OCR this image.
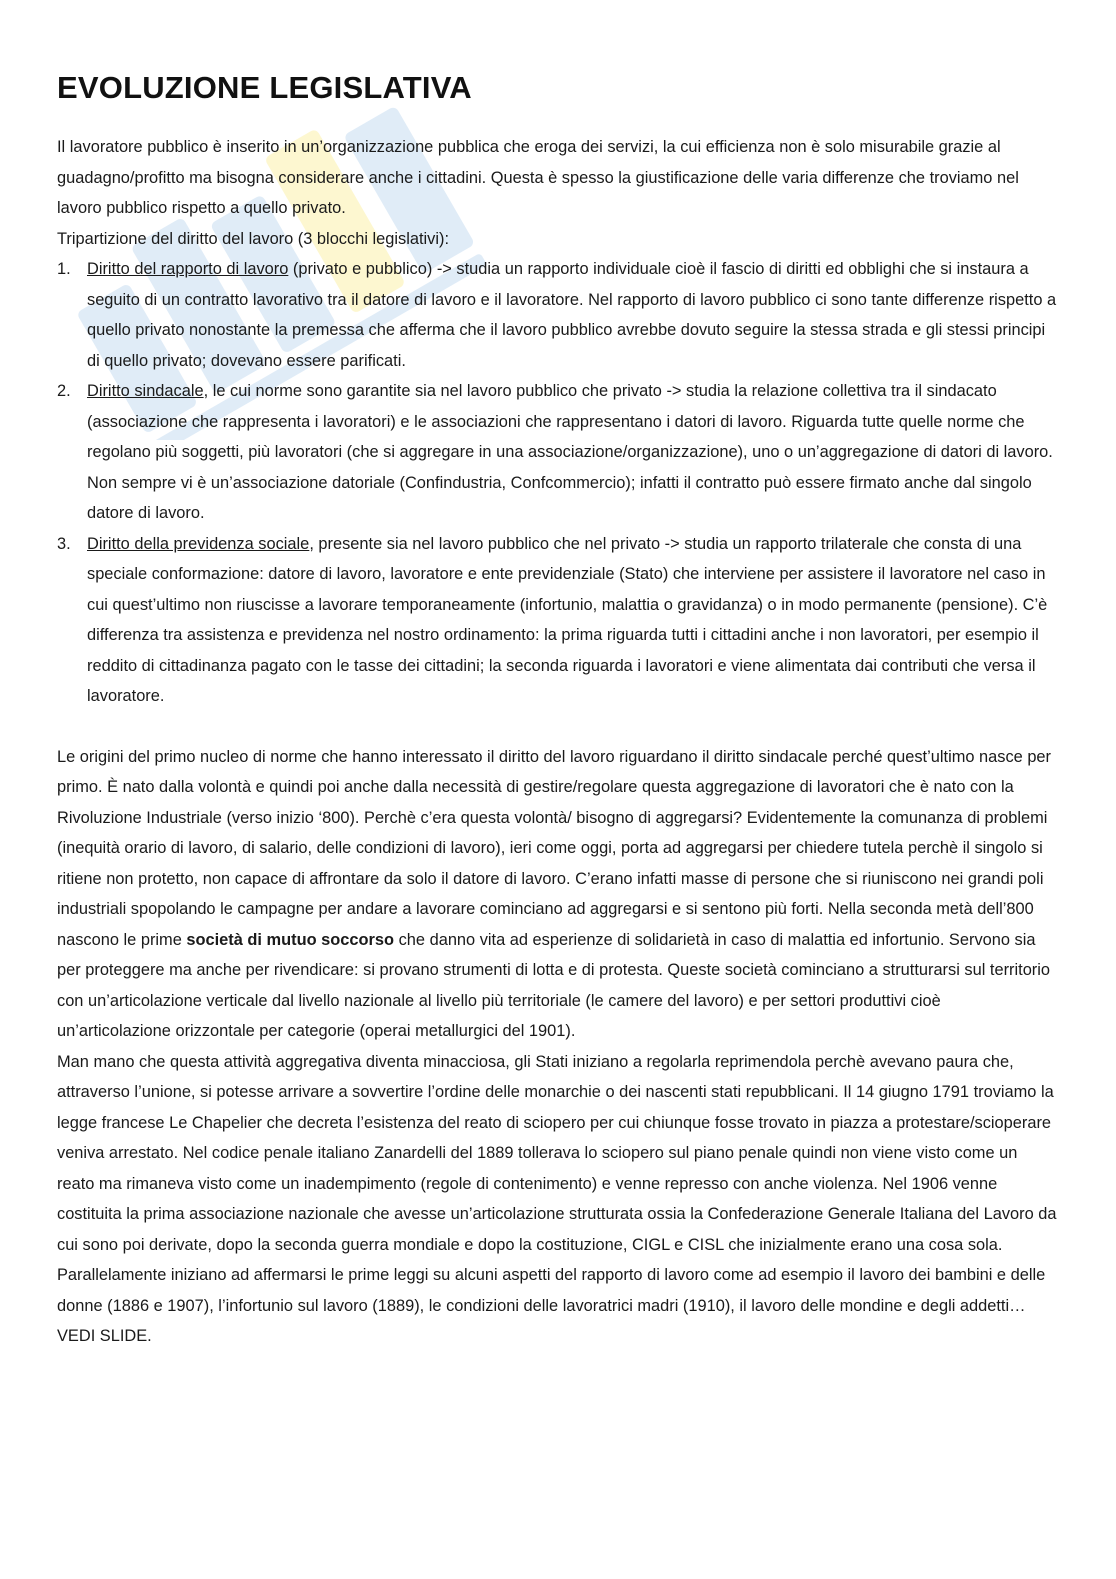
EVOLUZIONE LEGISLATIVA

Il lavoratore pubblico è inserito in un’organizzazione pubblica che eroga dei servizi, la cui efficienza non è solo misurabile grazie al guadagno/profitto ma bisogna considerare anche i cittadini. Questa è spesso la giustificazione delle varia differenze che troviamo nel lavoro pubblico rispetto a quello privato.

Tripartizione del diritto del lavoro (3 blocchi legislativi):

1. Diritto del rapporto di lavoro (privato e pubblico) -> studia un rapporto individuale cioè il fascio di diritti ed obblighi che si instaura a seguito di un contratto lavorativo tra il datore di lavoro e il lavoratore. Nel rapporto di lavoro pubblico ci sono tante differenze rispetto a quello privato nonostante la premessa che afferma che il lavoro pubblico avrebbe dovuto seguire la stessa strada e gli stessi principi di quello privato; dovevano essere parificati.
2. Diritto sindacale, le cui norme sono garantite sia nel lavoro pubblico che privato -> studia la relazione collettiva tra il sindacato (associazione che rappresenta i lavoratori) e le associazioni che rappresentano i datori di lavoro. Riguarda tutte quelle norme che regolano più soggetti, più lavoratori (che si aggregare in una associazione/organizzazione), uno o un’aggregazione di datori di lavoro. Non sempre vi è un’associazione datoriale (Confindustria, Confcommercio); infatti il contratto può essere firmato anche dal singolo datore di lavoro.
3. Diritto della previdenza sociale, presente sia nel lavoro pubblico che nel privato -> studia un rapporto trilaterale che consta di una speciale conformazione: datore di lavoro, lavoratore e ente previdenziale (Stato) che interviene per assistere il lavoratore nel caso in cui quest’ultimo non riuscisse a lavorare temporaneamente (infortunio, malattia o gravidanza) o in modo permanente (pensione). C’è differenza tra assistenza e previdenza nel nostro ordinamento: la prima riguarda tutti i cittadini anche i non lavoratori, per esempio il reddito di cittadinanza pagato con le tasse dei cittadini; la seconda riguarda i lavoratori e viene alimentata dai contributi che versa il lavoratore.

Le origini del primo nucleo di norme che hanno interessato il diritto del lavoro riguardano il diritto sindacale perché quest’ultimo nasce per primo. È nato dalla volontà e quindi poi anche dalla necessità di gestire/regolare questa aggregazione di lavoratori che è nato con la Rivoluzione Industriale (verso inizio ‘800). Perchè c’era questa volontà/ bisogno di aggregarsi? Evidentemente la comunanza di problemi (inequità orario di lavoro, di salario, delle condizioni di lavoro), ieri come oggi, porta ad aggregarsi per chiedere tutela perchè il singolo si ritiene non protetto, non capace di affrontare da solo il datore di lavoro. C’erano infatti masse di persone che si riuniscono nei grandi poli industriali spopolando le campagne per andare a lavorare cominciano ad aggregarsi e si sentono più forti. Nella seconda metà dell’800 nascono le prime società di mutuo soccorso che danno vita ad esperienze di solidarietà in caso di malattia ed infortunio. Servono sia per proteggere ma anche per rivendicare: si provano strumenti di lotta e di protesta. Queste società cominciano a strutturarsi sul territorio con un’articolazione verticale dal livello nazionale al livello più territoriale (le camere del lavoro) e per settori produttivi cioè un’articolazione orizzontale per categorie (operai metallurgici del 1901).

Man mano che questa attività aggregativa diventa minacciosa, gli Stati iniziano a regolarla reprimendola perchè avevano paura che, attraverso l’unione, si potesse arrivare a sovvertire l’ordine delle monarchie o dei nascenti stati repubblicani. Il 14 giugno 1791 troviamo la legge francese Le Chapelier che decreta l’esistenza del reato di sciopero per cui chiunque fosse trovato in piazza a protestare/scioperare veniva arrestato. Nel codice penale italiano Zanardelli del 1889 tollerava lo sciopero sul piano penale quindi non viene visto come un reato ma rimaneva visto come un inadempimento (regole di contenimento) e venne represso con anche violenza. Nel 1906 venne costituita la prima associazione nazionale che avesse un’articolazione strutturata ossia la Confederazione Generale Italiana del Lavoro da cui sono poi derivate, dopo la seconda guerra mondiale e dopo la costituzione, CIGL e CISL che inizialmente erano una cosa sola.

Parallelamente iniziano ad affermarsi le prime leggi su alcuni aspetti del rapporto di lavoro come ad esempio il lavoro dei bambini e delle donne (1886 e 1907), l’infortunio sul lavoro (1889), le condizioni delle lavoratrici madri (1910), il lavoro delle mondine e degli addetti…VEDI SLIDE.
